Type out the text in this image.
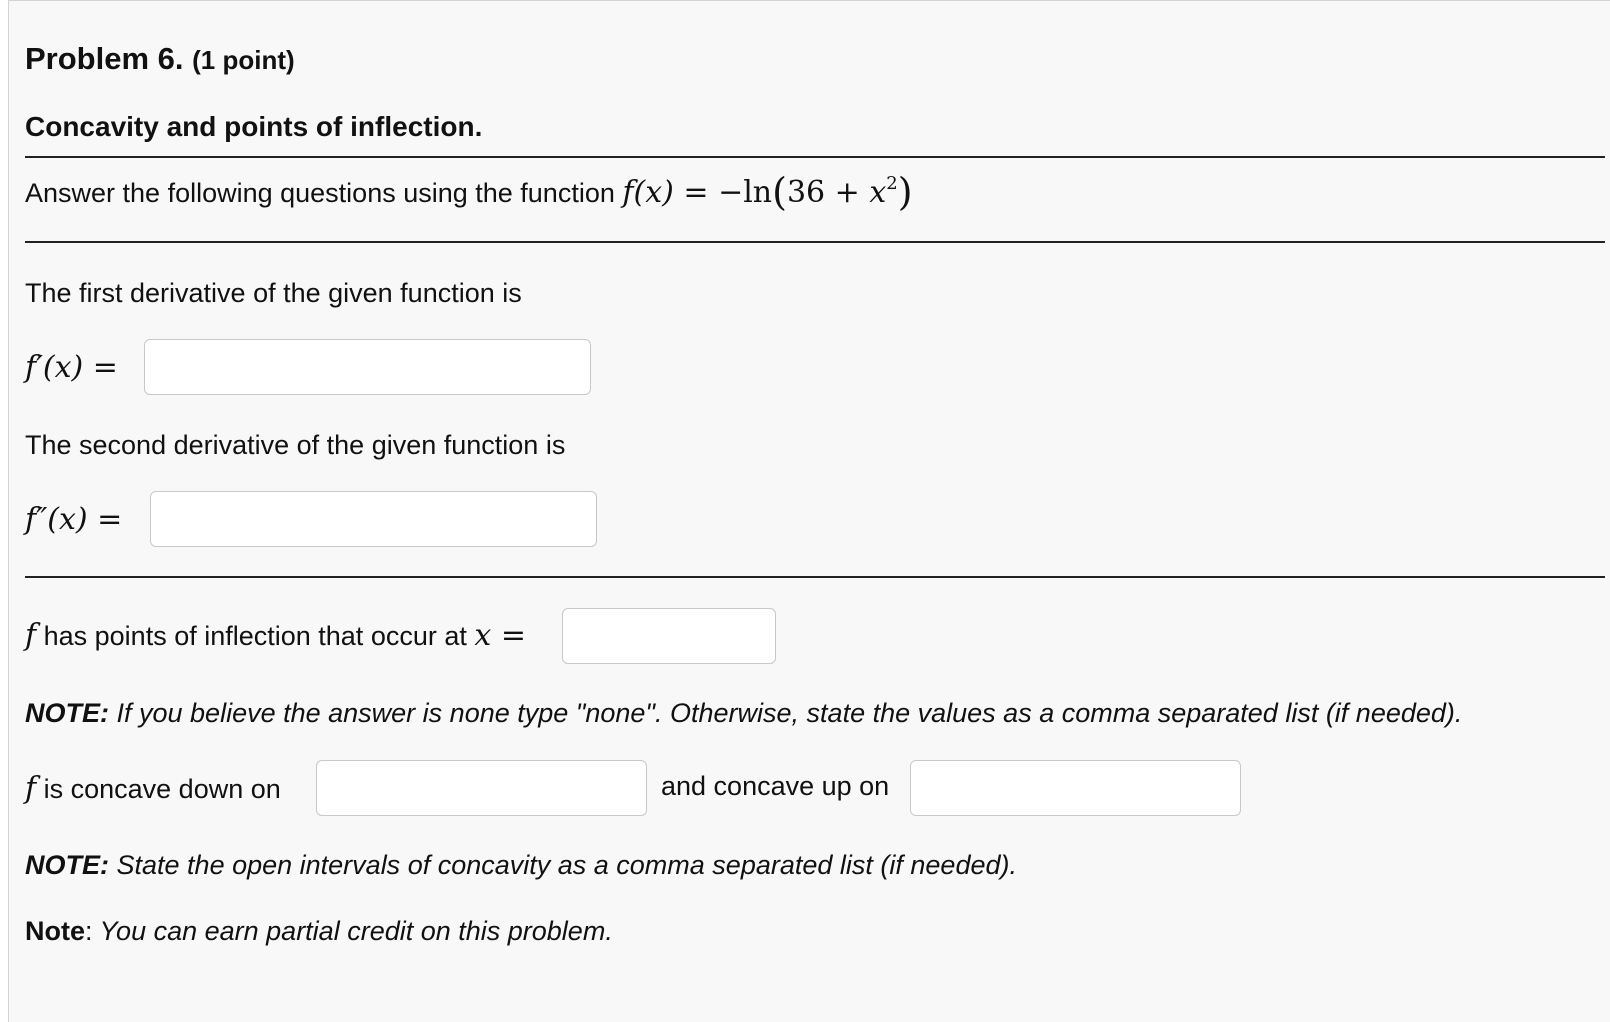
Problem 6. (1 point)
Concavity and points of inflection.
Answer the following questions using the function $f(x) = -\ln(36 + x^2)$
The first derivative of the given function is
f′(x) =
The second derivative of the given function is
f″(x) =
f has points of inflection that occur at x =
NOTE: If you believe the answer is none type "none". Otherwise, state the values as a comma separated list (if needed).
f is concave down on	and concave up on
NOTE: State the open intervals of concavity as a comma separated list (if needed).
Note: You can earn partial credit on this problem.
